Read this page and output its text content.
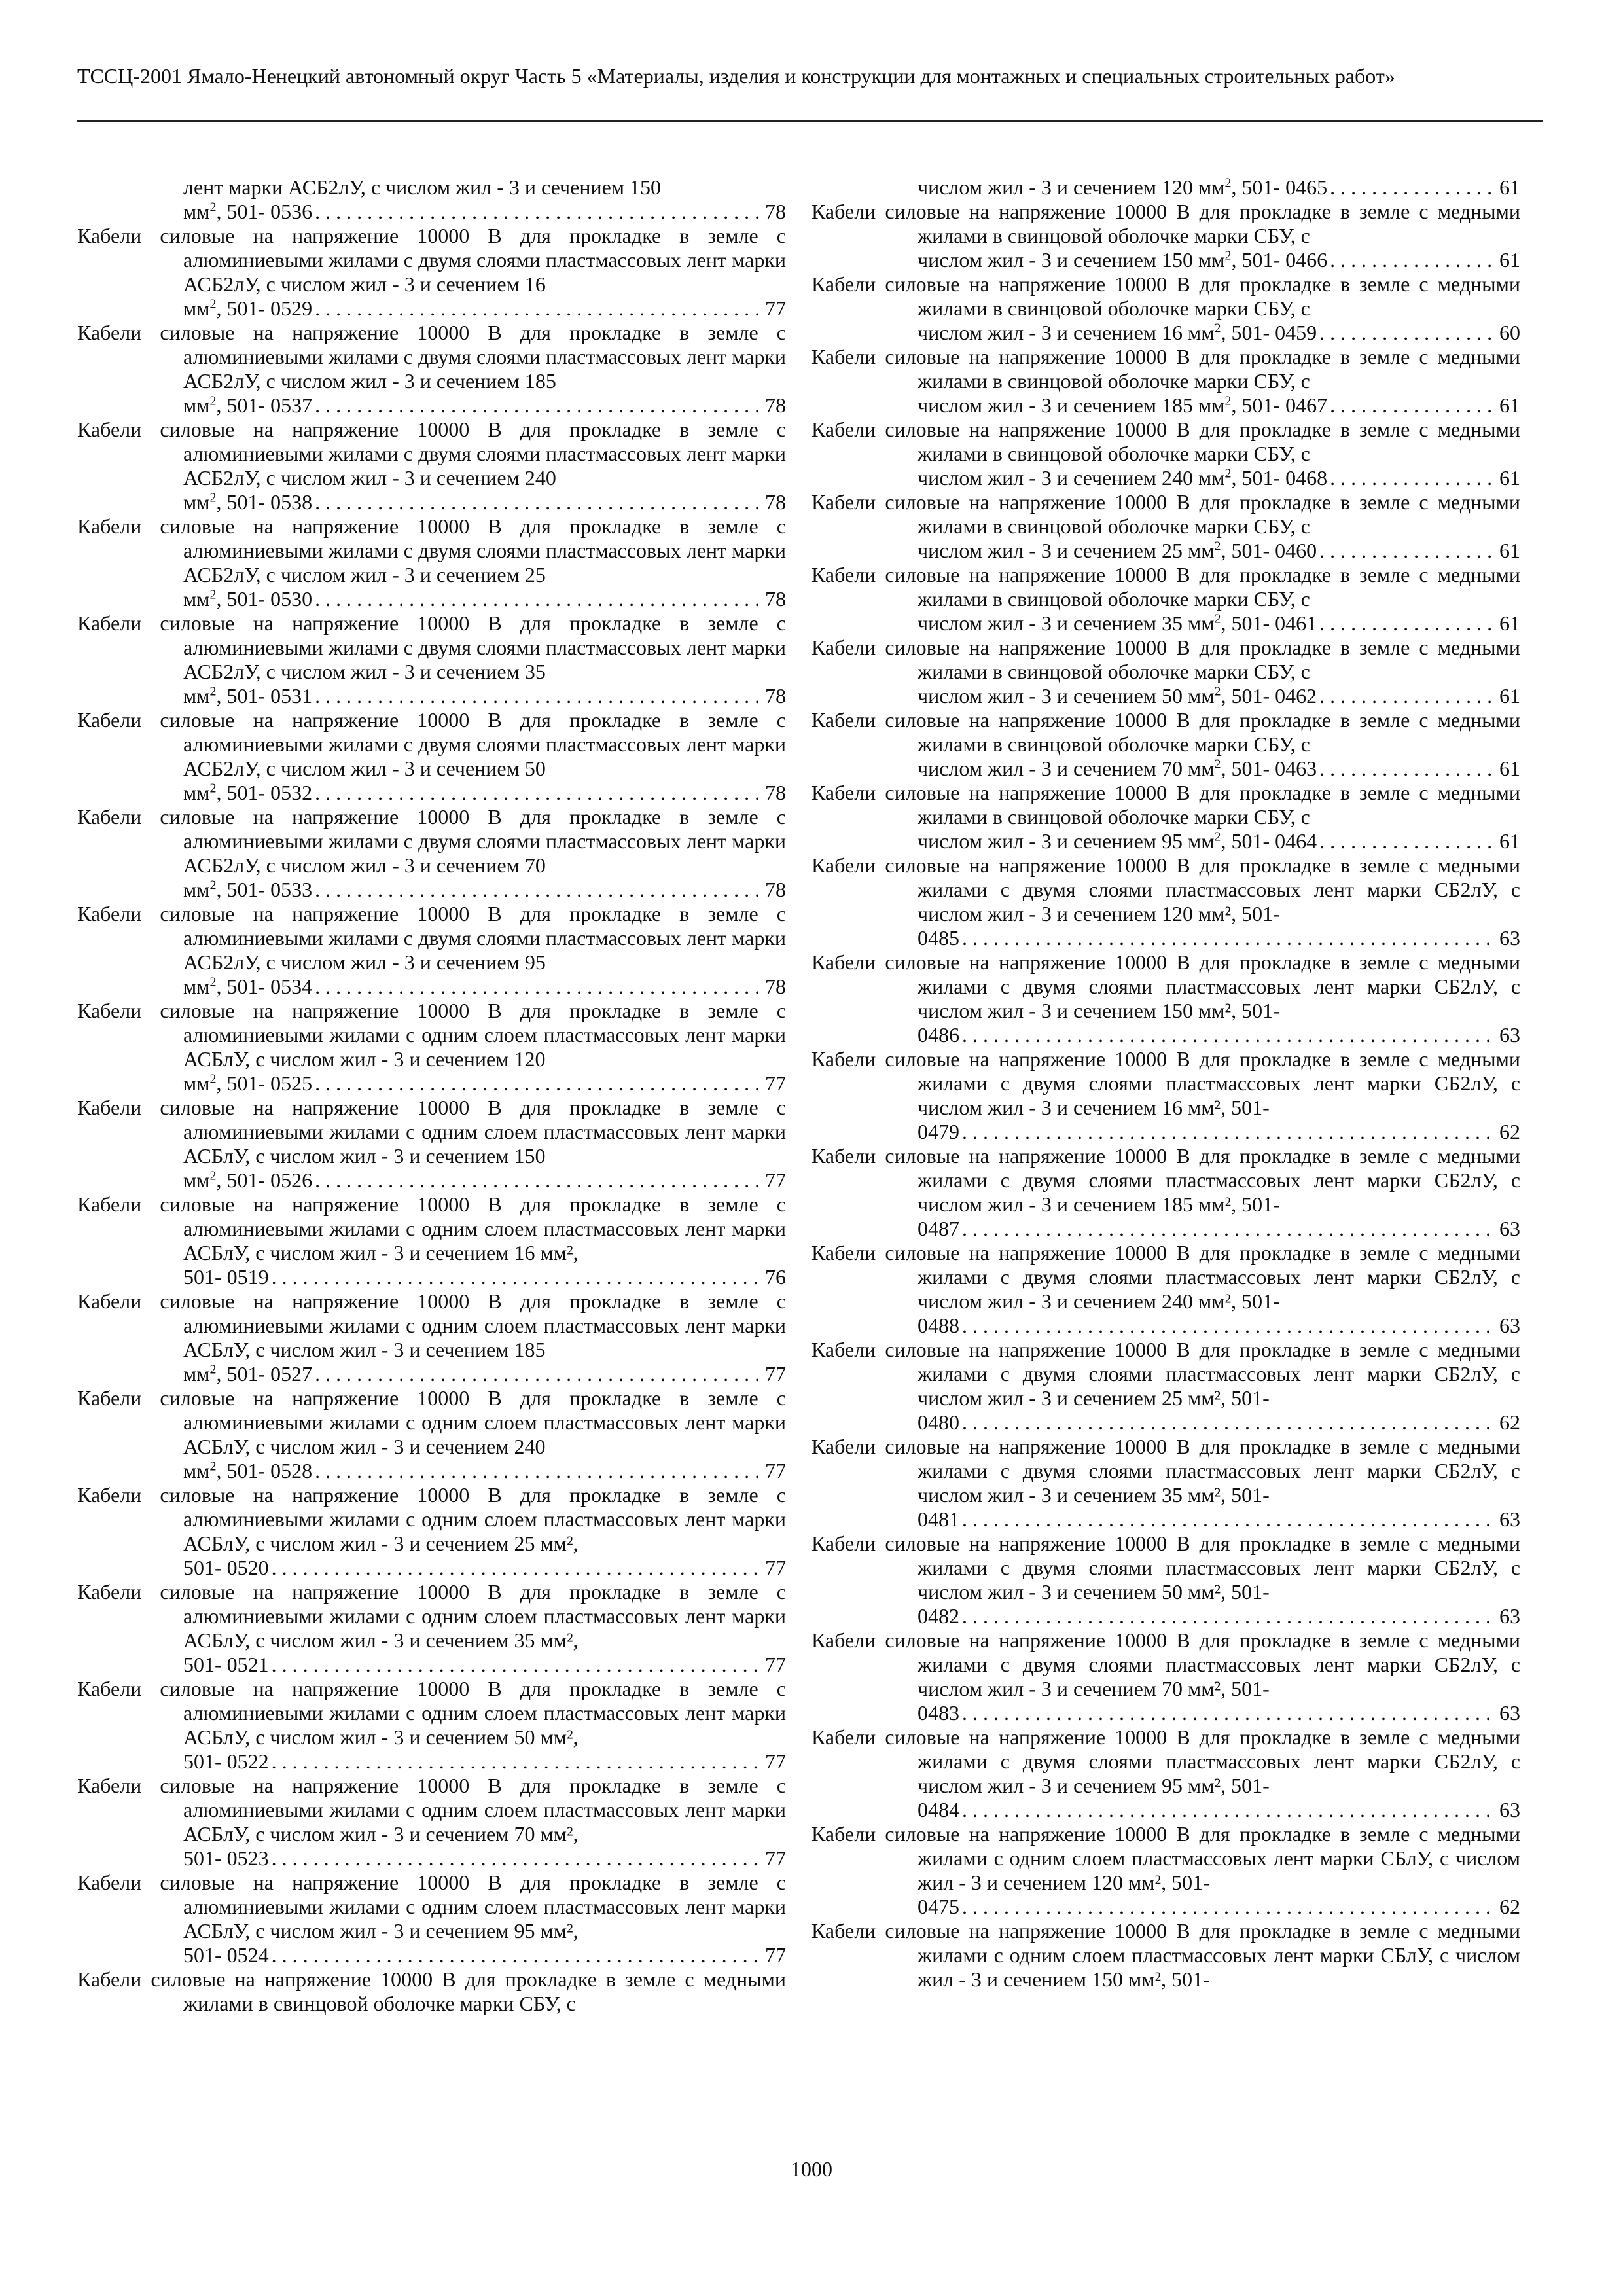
ТССЦ-2001 Ямало-Ненецкий автономный округ Часть 5 «Материалы, изделия и конструкции для монтажных и специальных строительных работ»
лент марки АСБ2лУ, с числом жил - 3 и сечением 150
$мм^2$, 501- 0536 . . .	78
Кабели силовые на напряжение 10000 В для прокладке в земле с алюминиевыми жилами с двумя слоями пластмассовых лент марки АСБ2лУ, с числом жил - 3 и сечением 16
$мм^2$, 501- 0529 . . .	77
Кабели силовые на напряжение 10000 В для прокладке в земле с алюминиевыми жилами с двумя слоями пластмассовых лент марки АСБ2лУ, с числом жил - 3 и сечением 185
$мм^2$, 501- 0537 . . .	78
Кабели силовые на напряжение 10000 В для прокладке в земле с алюминиевыми жилами с двумя слоями пластмассовых лент марки АСБ2лУ, с числом жил - 3 и сечением 240
$мм^2$, 501- 0538 . . .	78
Кабели силовые на напряжение 10000 В для прокладке в земле с алюминиевыми жилами с двумя слоями пластмассовых лент марки АСБ2лУ, с числом жил - 3 и сечением 25
$мм^2$, 501- 0530 . . .	78
Кабели силовые на напряжение 10000 В для прокладке в земле с алюминиевыми жилами с двумя слоями пластмассовых лент марки АСБ2лУ, с числом жил - 3 и сечением 35
$мм^2$, 501- 0531 . . .	78
Кабели силовые на напряжение 10000 В для прокладке в земле с алюминиевыми жилами с двумя слоями пластмассовых лент марки АСБ2лУ, с числом жил - 3 и сечением 50
$мм^2$, 501- 0532 . . .	78
Кабели силовые на напряжение 10000 В для прокладке в земле с алюминиевыми жилами с двумя слоями пластмассовых лент марки АСБ2лУ, с числом жил - 3 и сечением 70
$мм^2$, 501- 0533 . . .	78
Кабели силовые на напряжение 10000 В для прокладке в земле с алюминиевыми жилами с двумя слоями пластмассовых лент марки АСБ2лУ, с числом жил - 3 и сечением 95
$мм^2$, 501- 0534 . . .	78
Кабели силовые на напряжение 10000 В для прокладке в земле с алюминиевыми жилами с одним слоем пластмассовых лент марки АСБлУ, с числом жил - 3 и сечением 120
$мм^2$, 501- 0525 . . .	77
Кабели силовые на напряжение 10000 В для прокладке в земле с алюминиевыми жилами с одним слоем пластмассовых лент марки АСБлУ, с числом жил - 3 и сечением 150
$мм^2$, 501- 0526 . . .	77
Кабели силовые на напряжение 10000 В для прокладке в земле с алюминиевыми жилами с одним слоем пластмассовых лент марки АСБлУ, с числом жил - 3 и сечением 16 мм²,
501- 0519 . . .	76
Кабели силовые на напряжение 10000 В для прокладке в земле с алюминиевыми жилами с одним слоем пластмассовых лент марки АСБлУ, с числом жил - 3 и сечением 185
$мм^2$, 501- 0527 . . .	77
Кабели силовые на напряжение 10000 В для прокладке в земле с алюминиевыми жилами с одним слоем пластмассовых лент марки АСБлУ, с числом жил - 3 и сечением 240
$мм^2$, 501- 0528 . . .	77
Кабели силовые на напряжение 10000 В для прокладке в земле с алюминиевыми жилами с одним слоем пластмассовых лент марки АСБлУ, с числом жил - 3 и сечением 25 мм²,
501- 0520 . . .	77
Кабели силовые на напряжение 10000 В для прокладке в земле с алюминиевыми жилами с одним слоем пластмассовых лент марки АСБлУ, с числом жил - 3 и сечением 35 мм²,
501- 0521 . . .	77
Кабели силовые на напряжение 10000 В для прокладке в земле с алюминиевыми жилами с одним слоем пластмассовых лент марки АСБлУ, с числом жил - 3 и сечением 50 мм²,
501- 0522 . . .	77
Кабели силовые на напряжение 10000 В для прокладке в земле с алюминиевыми жилами с одним слоем пластмассовых лент марки АСБлУ, с числом жил - 3 и сечением 70 мм²,
501- 0523 . . .	77
Кабели силовые на напряжение 10000 В для прокладке в земле с алюминиевыми жилами с одним слоем пластмассовых лент марки АСБлУ, с числом жил - 3 и сечением 95 мм²,
501- 0524 . . .	77
Кабели силовые на напряжение 10000 В для прокладке в земле с медными жилами в свинцовой оболочке марки СБУ, с
числом жил - 3 и сечением 120 $мм^2$, 501- 0465 . . .	61
Кабели силовые на напряжение 10000 В для прокладке в земле с медными жилами в свинцовой оболочке марки СБУ, с
числом жил - 3 и сечением 150 $мм^2$, 501- 0466 . . .	61
Кабели силовые на напряжение 10000 В для прокладке в земле с медными жилами в свинцовой оболочке марки СБУ, с
числом жил - 3 и сечением 16 $мм^2$, 501- 0459 . . .	60
Кабели силовые на напряжение 10000 В для прокладке в земле с медными жилами в свинцовой оболочке марки СБУ, с
числом жил - 3 и сечением 185 $мм^2$, 501- 0467 . . .	61
Кабели силовые на напряжение 10000 В для прокладке в земле с медными жилами в свинцовой оболочке марки СБУ, с
числом жил - 3 и сечением 240 $мм^2$, 501- 0468 . . .	61
Кабели силовые на напряжение 10000 В для прокладке в земле с медными жилами в свинцовой оболочке марки СБУ, с
числом жил - 3 и сечением 25 $мм^2$, 501- 0460 . . .	61
Кабели силовые на напряжение 10000 В для прокладке в земле с медными жилами в свинцовой оболочке марки СБУ, с
числом жил - 3 и сечением 35 $мм^2$, 501- 0461 . . .	61
Кабели силовые на напряжение 10000 В для прокладке в земле с медными жилами в свинцовой оболочке марки СБУ, с
числом жил - 3 и сечением 50 $мм^2$, 501- 0462 . . .	61
Кабели силовые на напряжение 10000 В для прокладке в земле с медными жилами в свинцовой оболочке марки СБУ, с
числом жил - 3 и сечением 70 $мм^2$, 501- 0463 . . .	61
Кабели силовые на напряжение 10000 В для прокладке в земле с медными жилами в свинцовой оболочке марки СБУ, с
числом жил - 3 и сечением 95 $мм^2$, 501- 0464 . . .	61
Кабели силовые на напряжение 10000 В для прокладке в земле с медными жилами с двумя слоями пластмассовых лент марки СБ2лУ, с числом жил - 3 и сечением 120 мм², 501-
0485 . . .	63
Кабели силовые на напряжение 10000 В для прокладке в земле с медными жилами с двумя слоями пластмассовых лент марки СБ2лУ, с числом жил - 3 и сечением 150 мм², 501-
0486 . . .	63
Кабели силовые на напряжение 10000 В для прокладке в земле с медными жилами с двумя слоями пластмассовых лент марки СБ2лУ, с числом жил - 3 и сечением 16 мм², 501-
0479 . . .	62
Кабели силовые на напряжение 10000 В для прокладке в земле с медными жилами с двумя слоями пластмассовых лент марки СБ2лУ, с числом жил - 3 и сечением 185 мм², 501-
0487 . . .	63
Кабели силовые на напряжение 10000 В для прокладке в земле с медными жилами с двумя слоями пластмассовых лент марки СБ2лУ, с числом жил - 3 и сечением 240 мм², 501-
0488 . . .	63
Кабели силовые на напряжение 10000 В для прокладке в земле с медными жилами с двумя слоями пластмассовых лент марки СБ2лУ, с числом жил - 3 и сечением 25 мм², 501-
0480 . . .	62
Кабели силовые на напряжение 10000 В для прокладке в земле с медными жилами с двумя слоями пластмассовых лент марки СБ2лУ, с числом жил - 3 и сечением 35 мм², 501-
0481 . . .	63
Кабели силовые на напряжение 10000 В для прокладке в земле с медными жилами с двумя слоями пластмассовых лент марки СБ2лУ, с числом жил - 3 и сечением 50 мм², 501-
0482 . . .	63
Кабели силовые на напряжение 10000 В для прокладке в земле с медными жилами с двумя слоями пластмассовых лент марки СБ2лУ, с числом жил - 3 и сечением 70 мм², 501-
0483 . . .	63
Кабели силовые на напряжение 10000 В для прокладке в земле с медными жилами с двумя слоями пластмассовых лент марки СБ2лУ, с числом жил - 3 и сечением 95 мм², 501-
0484 . . .	63
Кабели силовые на напряжение 10000 В для прокладке в земле с медными жилами с одним слоем пластмассовых лент марки СБлУ, с числом жил - 3 и сечением 120 мм², 501-
0475 . . .	62
Кабели силовые на напряжение 10000 В для прокладке в земле с медными жилами с одним слоем пластмассовых лент марки СБлУ, с числом жил - 3 и сечением 150 мм², 501-
1000
